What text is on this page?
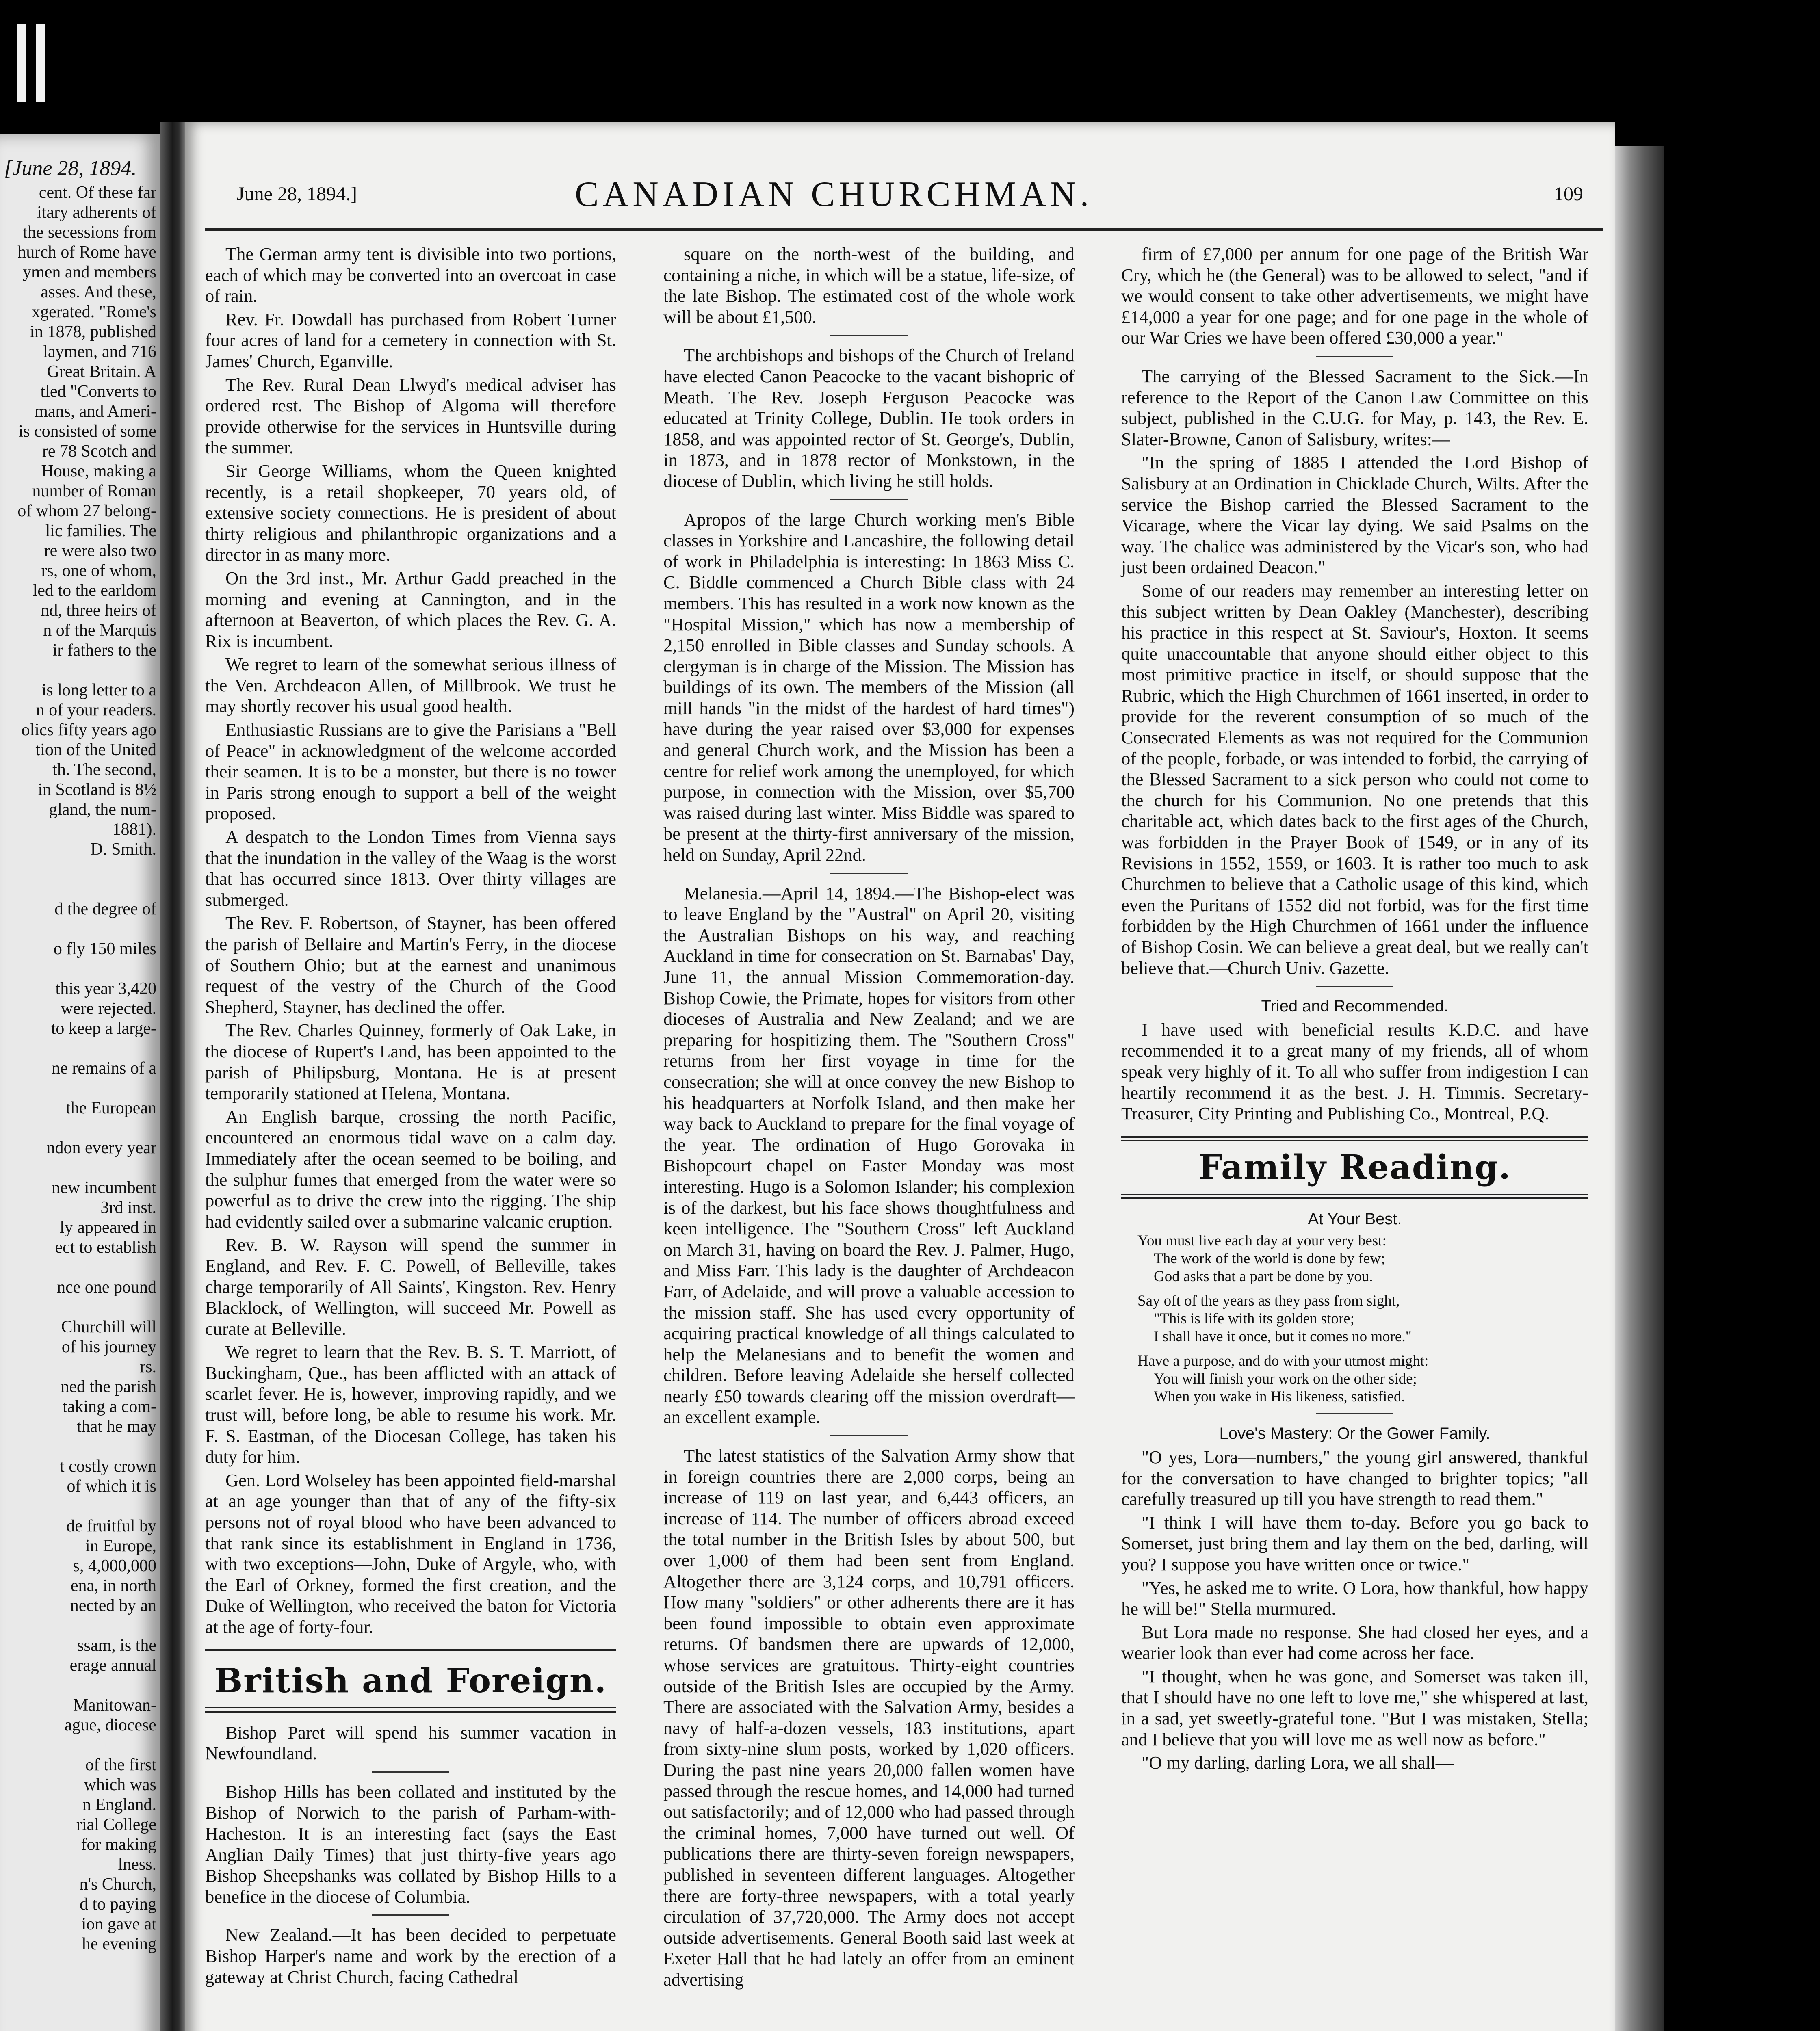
[June 28, 1894.
cent. Of these far
itary adherents of
the secessions from
hurch of Rome have
ymen and members
asses. And these,
xgerated. "Rome's
in 1878, published
laymen, and 716
Great Britain. A
tled "Converts to
mans, and Ameri-
is consisted of some
re 78 Scotch and
House, making a
number of Roman
of whom 27 belong-
lic families. The
re were also two
rs, one of whom,
led to the earldom
nd, three heirs of
n of the Marquis
ir fathers to the
is long letter to a
n of your readers.
olics fifty years ago
tion of the United
th. The second,
in Scotland is 8½
gland, the num-
1881).
D. Smith.
d the degree of
o fly 150 miles
this year 3,420
were rejected.
to keep a large-
ne remains of a
the European
ndon every year
new incumbent
3rd inst.
ly appeared in
ect to establish
nce one pound
Churchill will
of his journey
rs.
ned the parish
taking a com-
that he may
t costly crown
of which it is
de fruitful by
in Europe,
s, 4,000,000
ena, in north
nected by an
ssam, is the
erage annual
Manitowan-
ague, diocese
of the first
which was
n England.
rial College
for making
lness.
n's Church,
d to paying
ion gave at
he evening
June 28, 1894.]	CANADIAN CHURCHMAN.	109

The German army tent is divisible into two portions, each of which may be converted into an overcoat in case of rain.

Rev. Fr. Dowdall has purchased from Robert Turner four acres of land for a cemetery in connection with St. James' Church, Eganville.

The Rev. Rural Dean Llwyd's medical adviser has ordered rest. The Bishop of Algoma will therefore provide otherwise for the services in Huntsville during the summer.

Sir George Williams, whom the Queen knighted recently, is a retail shopkeeper, 70 years old, of extensive society connections. He is president of about thirty religious and philanthropic organizations and a director in as many more.

On the 3rd inst., Mr. Arthur Gadd preached in the morning and evening at Cannington, and in the afternoon at Beaverton, of which places the Rev. G. A. Rix is incumbent.

We regret to learn of the somewhat serious illness of the Ven. Archdeacon Allen, of Millbrook. We trust he may shortly recover his usual good health.

Enthusiastic Russians are to give the Parisians a "Bell of Peace" in acknowledgment of the welcome accorded their seamen. It is to be a monster, but there is no tower in Paris strong enough to support a bell of the weight proposed.

A despatch to the London Times from Vienna says that the inundation in the valley of the Waag is the worst that has occurred since 1813. Over thirty villages are submerged.

The Rev. F. Robertson, of Stayner, has been offered the parish of Bellaire and Martin's Ferry, in the diocese of Southern Ohio; but at the earnest and unanimous request of the vestry of the Church of the Good Shepherd, Stayner, has declined the offer.

The Rev. Charles Quinney, formerly of Oak Lake, in the diocese of Rupert's Land, has been appointed to the parish of Philipsburg, Montana. He is at present temporarily stationed at Helena, Montana.

An English barque, crossing the north Pacific, encountered an enormous tidal wave on a calm day. Immediately after the ocean seemed to be boiling, and the sulphur fumes that emerged from the water were so powerful as to drive the crew into the rigging. The ship had evidently sailed over a submarine valcanic eruption.

Rev. B. W. Rayson will spend the summer in England, and Rev. F. C. Powell, of Belleville, takes charge temporarily of All Saints', Kingston. Rev. Henry Blacklock, of Wellington, will succeed Mr. Powell as curate at Belleville.

We regret to learn that the Rev. B. S. T. Marriott, of Buckingham, Que., has been afflicted with an attack of scarlet fever. He is, however, improving rapidly, and we trust will, before long, be able to resume his work. Mr. F. S. Eastman, of the Diocesan College, has taken his duty for him.

Gen. Lord Wolseley has been appointed field-marshal at an age younger than that of any of the fifty-six persons not of royal blood who have been advanced to that rank since its establishment in England in 1736, with two exceptions—John, Duke of Argyle, who, with the Earl of Orkney, formed the first creation, and the Duke of Wellington, who received the baton for Victoria at the age of forty-four.

British and Foreign.

Bishop Paret will spend his summer vacation in Newfoundland.

Bishop Hills has been collated and instituted by the Bishop of Norwich to the parish of Parham-with-Hacheston. It is an interesting fact (says the East Anglian Daily Times) that just thirty-five years ago Bishop Sheepshanks was collated by Bishop Hills to a benefice in the diocese of Columbia.

New Zealand.—It has been decided to perpetuate Bishop Harper's name and work by the erection of a gateway at Christ Church, facing Cathedral

square on the north-west of the building, and containing a niche, in which will be a statue, life-size, of the late Bishop. The estimated cost of the whole work will be about £1,500.

The archbishops and bishops of the Church of Ireland have elected Canon Peacocke to the vacant bishopric of Meath. The Rev. Joseph Ferguson Peacocke was educated at Trinity College, Dublin. He took orders in 1858, and was appointed rector of St. George's, Dublin, in 1873, and in 1878 rector of Monkstown, in the diocese of Dublin, which living he still holds.

Apropos of the large Church working men's Bible classes in Yorkshire and Lancashire, the following detail of work in Philadelphia is interesting: In 1863 Miss C. C. Biddle commenced a Church Bible class with 24 members. This has resulted in a work now known as the "Hospital Mission," which has now a membership of 2,150 enrolled in Bible classes and Sunday schools. A clergyman is in charge of the Mission. The Mission has buildings of its own. The members of the Mission (all mill hands "in the midst of the hardest of hard times") have during the year raised over $3,000 for expenses and general Church work, and the Mission has been a centre for relief work among the unemployed, for which purpose, in connection with the Mission, over $5,700 was raised during last winter. Miss Biddle was spared to be present at the thirty-first anniversary of the mission, held on Sunday, April 22nd.

Melanesia.—April 14, 1894.—The Bishop-elect was to leave England by the "Austral" on April 20, visiting the Australian Bishops on his way, and reaching Auckland in time for consecration on St. Barnabas' Day, June 11, the annual Mission Commemoration-day. Bishop Cowie, the Primate, hopes for visitors from other dioceses of Australia and New Zealand; and we are preparing for hospitizing them. The "Southern Cross" returns from her first voyage in time for the consecration; she will at once convey the new Bishop to his headquarters at Norfolk Island, and then make her way back to Auckland to prepare for the final voyage of the year. The ordination of Hugo Gorovaka in Bishopcourt chapel on Easter Monday was most interesting. Hugo is a Solomon Islander; his complexion is of the darkest, but his face shows thoughtfulness and keen intelligence. The "Southern Cross" left Auckland on March 31, having on board the Rev. J. Palmer, Hugo, and Miss Farr. This lady is the daughter of Archdeacon Farr, of Adelaide, and will prove a valuable accession to the mission staff. She has used every opportunity of acquiring practical knowledge of all things calculated to help the Melanesians and to benefit the women and children. Before leaving Adelaide she herself collected nearly £50 towards clearing off the mission overdraft—an excellent example.

The latest statistics of the Salvation Army show that in foreign countries there are 2,000 corps, being an increase of 119 on last year, and 6,443 officers, an increase of 114. The number of officers abroad exceed the total number in the British Isles by about 500, but over 1,000 of them had been sent from England. Altogether there are 3,124 corps, and 10,791 officers. How many "soldiers" or other adherents there are it has been found impossible to obtain even approximate returns. Of bandsmen there are upwards of 12,000, whose services are gratuitous. Thirty-eight countries outside of the British Isles are occupied by the Army. There are associated with the Salvation Army, besides a navy of half-a-dozen vessels, 183 institutions, apart from sixty-nine slum posts, worked by 1,020 officers. During the past nine years 20,000 fallen women have passed through the rescue homes, and 14,000 had turned out satisfactorily; and of 12,000 who had passed through the criminal homes, 7,000 have turned out well. Of publications there are thirty-seven foreign newspapers, published in seventeen different languages. Altogether there are forty-three newspapers, with a total yearly circulation of 37,720,000. The Army does not accept outside advertisements. General Booth said last week at Exeter Hall that he had lately an offer from an eminent advertising

firm of £7,000 per annum for one page of the British War Cry, which he (the General) was to be allowed to select, "and if we would consent to take other advertisements, we might have £14,000 a year for one page; and for one page in the whole of our War Cries we have been offered £30,000 a year."

The carrying of the Blessed Sacrament to the Sick.—In reference to the Report of the Canon Law Committee on this subject, published in the C.U.G. for May, p. 143, the Rev. E. Slater-Browne, Canon of Salisbury, writes:—

"In the spring of 1885 I attended the Lord Bishop of Salisbury at an Ordination in Chicklade Church, Wilts. After the service the Bishop carried the Blessed Sacrament to the Vicarage, where the Vicar lay dying. We said Psalms on the way. The chalice was administered by the Vicar's son, who had just been ordained Deacon."

Some of our readers may remember an interesting letter on this subject written by Dean Oakley (Manchester), describing his practice in this respect at St. Saviour's, Hoxton. It seems quite unaccountable that anyone should either object to this most primitive practice in itself, or should suppose that the Rubric, which the High Churchmen of 1661 inserted, in order to provide for the reverent consumption of so much of the Consecrated Elements as was not required for the Communion of the people, forbade, or was intended to forbid, the carrying of the Blessed Sacrament to a sick person who could not come to the church for his Communion. No one pretends that this charitable act, which dates back to the first ages of the Church, was forbidden in the Prayer Book of 1549, or in any of its Revisions in 1552, 1559, or 1603. It is rather too much to ask Churchmen to believe that a Catholic usage of this kind, which even the Puritans of 1552 did not forbid, was for the first time forbidden by the High Churchmen of 1661 under the influence of Bishop Cosin. We can believe a great deal, but we really can't believe that.—Church Univ. Gazette.

Tried and Recommended.

I have used with beneficial results K.D.C. and have recommended it to a great many of my friends, all of whom speak very highly of it. To all who suffer from indigestion I can heartily recommend it as the best. J. H. Timmis. Secretary-Treasurer, City Printing and Publishing Co., Montreal, P.Q.

Family Reading.

At Your Best.

You must live each day at your very best:
The work of the world is done by few;
God asks that a part be done by you.
Say oft of the years as they pass from sight,
"This is life with its golden store;
I shall have it once, but it comes no more."
Have a purpose, and do with your utmost might:
You will finish your work on the other side;
When you wake in His likeness, satisfied.

Love's Mastery: Or the Gower Family.

"O yes, Lora—numbers," the young girl answered, thankful for the conversation to have changed to brighter topics; "all carefully treasured up till you have strength to read them."

"I think I will have them to-day. Before you go back to Somerset, just bring them and lay them on the bed, darling, will you? I suppose you have written once or twice."

"Yes, he asked me to write. O Lora, how thankful, how happy he will be!" Stella murmured.

But Lora made no response. She had closed her eyes, and a wearier look than ever had come across her face.

"I thought, when he was gone, and Somerset was taken ill, that I should have no one left to love me," she whispered at last, in a sad, yet sweetly-grateful tone. "But I was mistaken, Stella; and I believe that you will love me as well now as before."

"O my darling, darling Lora, we all shall—
